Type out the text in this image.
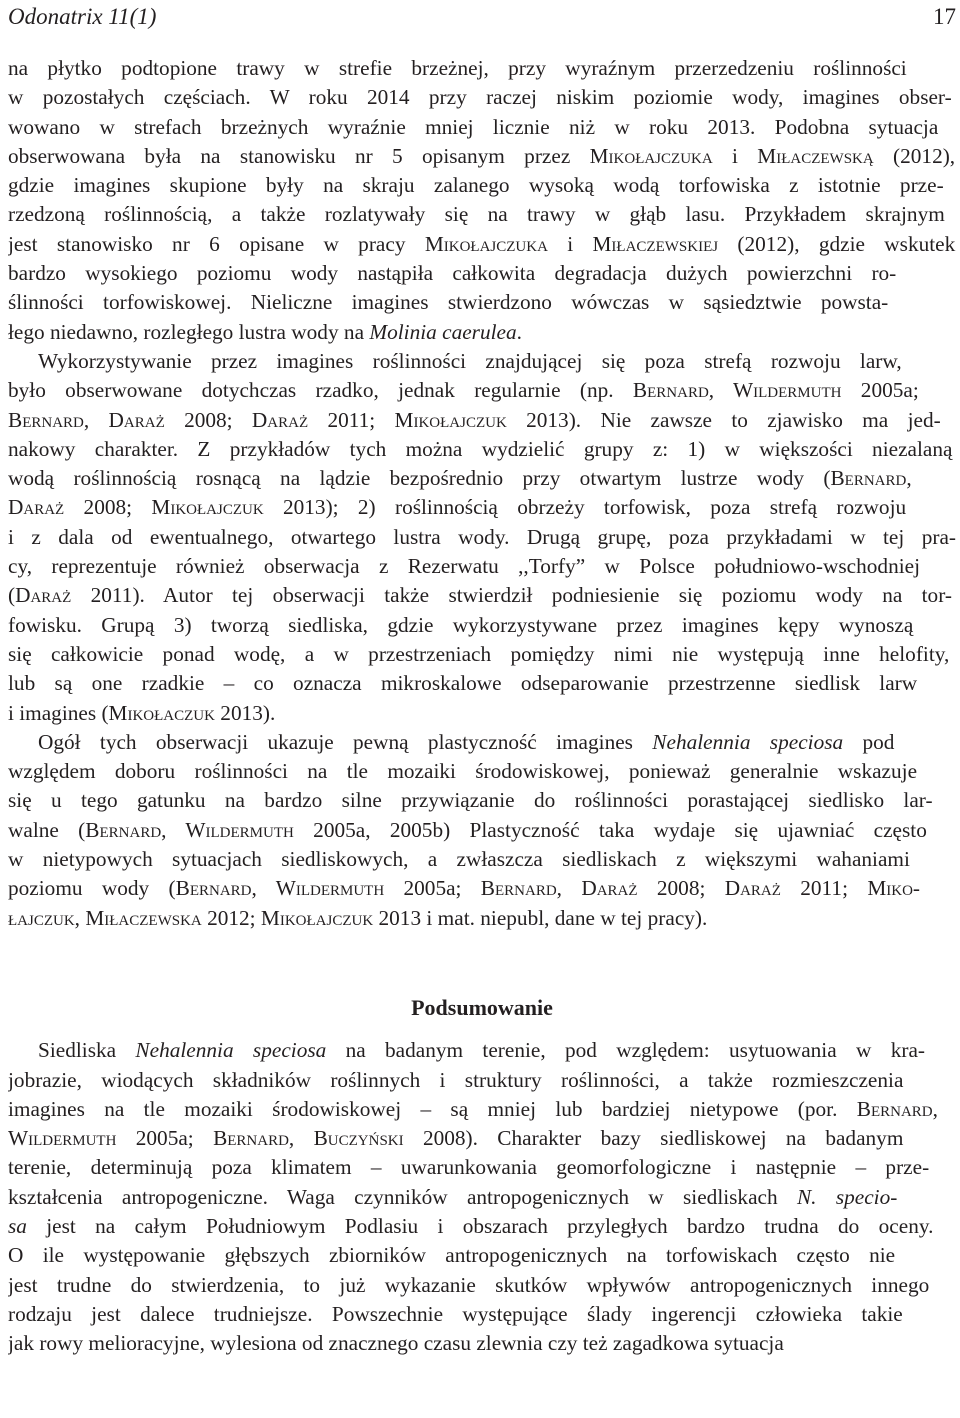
Odonatrix 11(1)	17

na płytko podtopione trawy w strefie brzeżnej, przy wyraźnym przerzedzeniu roślinności
w pozostałych częściach. W roku 2014 przy raczej niskim poziomie wody, imagines obser-
wowano w strefach brzeżnych wyraźnie mniej licznie niż w roku 2013. Podobna sytuacja
obserwowana była na stanowisku nr 5 opisanym przez Mikołajczuka i Miłaczewską (2012),
gdzie imagines skupione były na skraju zalanego wysoką wodą torfowiska z istotnie prze-
rzedzoną roślinnością, a także rozlatywały się na trawy w głąb lasu. Przykładem skrajnym
jest stanowisko nr 6 opisane w pracy Mikołajczuka i Miłaczewskiej (2012), gdzie wskutek
bardzo wysokiego poziomu wody nastąpiła całkowita degradacja dużych powierzchni ro-
ślinności torfowiskowej. Nieliczne imagines stwierdzono wówczas w sąsiedztwie powsta-
łego niedawno, rozległego lustra wody na Molinia caerulea.

Wykorzystywanie przez imagines roślinności znajdującej się poza strefą rozwoju larw,
było obserwowane dotychczas rzadko, jednak regularnie (np. Bernard, Wildermuth 2005a;
Bernard, Daraż 2008; Daraż 2011; Mikołajczuk 2013). Nie zawsze to zjawisko ma jed-
nakowy charakter. Z przykładów tych można wydzielić grupy z: 1) w większości niezalaną
wodą roślinnością rosnącą na lądzie bezpośrednio przy otwartym lustrze wody (Bernard,
Daraż 2008; Mikołajczuk 2013); 2) roślinnością obrzeży torfowisk, poza strefą rozwoju
i z dala od ewentualnego, otwartego lustra wody. Drugą grupę, poza przykładami w tej pra-
cy, reprezentuje również obserwacja z Rezerwatu ,,Torfy” w Polsce południowo-wschodniej
(Daraż 2011). Autor tej obserwacji także stwierdził podniesienie się poziomu wody na tor-
fowisku. Grupą 3) tworzą siedliska, gdzie wykorzystywane przez imagines kępy wynoszą
się całkowicie ponad wodę, a w przestrzeniach pomiędzy nimi nie występują inne helofity,
lub są one rzadkie – co oznacza mikroskalowe odseparowanie przestrzenne siedlisk larw
i imagines (Mikołaczuk 2013).

Ogół tych obserwacji ukazuje pewną plastyczność imagines Nehalennia speciosa pod
względem doboru roślinności na tle mozaiki środowiskowej, ponieważ generalnie wskazuje
się u tego gatunku na bardzo silne przywiązanie do roślinności porastającej siedlisko lar-
walne (Bernard, Wildermuth 2005a, 2005b) Plastyczność taka wydaje się ujawniać często
w nietypowych sytuacjach siedliskowych, a zwłaszcza siedliskach z większymi wahaniami
poziomu wody (Bernard, Wildermuth 2005a; Bernard, Daraż 2008; Daraż 2011; Miko-
łajczuk, Miłaczewska 2012; Mikołajczuk 2013 i mat. niepubl, dane w tej pracy).

Podsumowanie

Siedliska Nehalennia speciosa na badanym terenie, pod względem: usytuowania w kra-
jobrazie, wiodących składników roślinnych i struktury roślinności, a także rozmieszczenia
imagines na tle mozaiki środowiskowej – są mniej lub bardziej nietypowe (por. Bernard,
Wildermuth 2005a; Bernard, Buczyński 2008). Charakter bazy siedliskowej na badanym
terenie, determinują poza klimatem – uwarunkowania geomorfologiczne i następnie – prze-
kształcenia antropogeniczne. Waga czynników antropogenicznych w siedliskach N. specio-
sa jest na całym Południowym Podlasiu i obszarach przyległych bardzo trudna do oceny.
O ile występowanie głębszych zbiorników antropogenicznych na torfowiskach często nie
jest trudne do stwierdzenia, to już wykazanie skutków wpływów antropogenicznych innego
rodzaju jest dalece trudniejsze. Powszechnie występujące ślady ingerencji człowieka takie
jak rowy melioracyjne, wylesiona od znacznego czasu zlewnia czy też zagadkowa sytuacja
